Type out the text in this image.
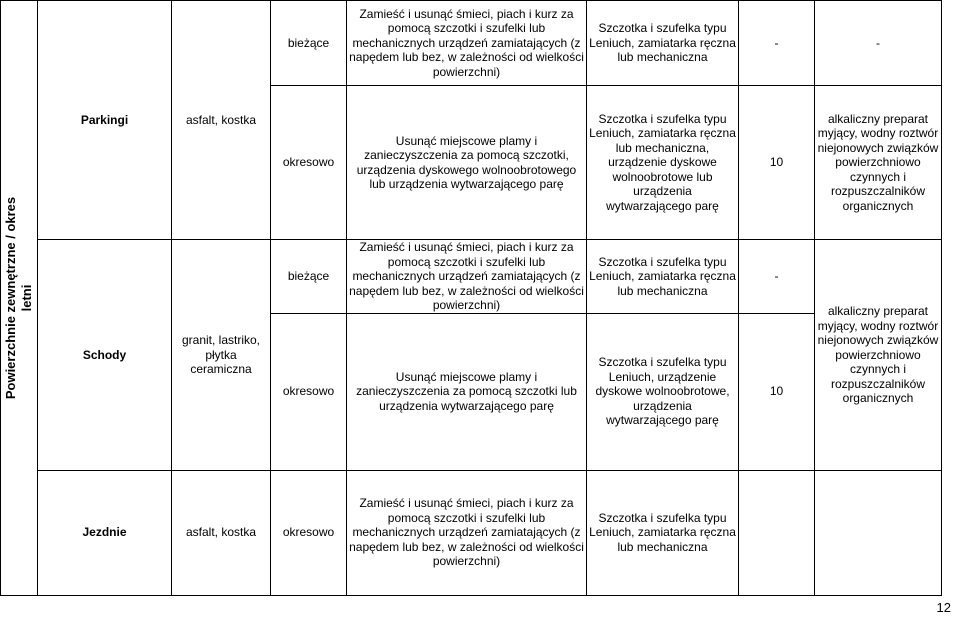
Powierzchnie zewnętrzne / okres letni	Parkingi	asfalt, kostka	bieżące	Zamieść i usunąć śmieci, piach i kurz za pomocą szczotki i szufelki lub mechanicznych urządzeń zamiatających (z napędem lub bez, w zależności od wielkości powierzchni)	Szczotka i szufelka typu Leniuch, zamiatarka ręczna lub mechaniczna	-	-
			okresowo	Usunąć miejscowe plamy i zanieczyszczenia za pomocą szczotki, urządzenia dyskowego wolnoobrotowego lub urządzenia wytwarzającego parę	Szczotka i szufelka typu Leniuch, zamiatarka ręczna lub mechaniczna, urządzenie dyskowe wolnoobrotowe lub urządzenia wytwarzającego parę	10	alkaliczny preparat myjący, wodny roztwór niejonowych związków powierzchniowo czynnych i rozpuszczalników organicznych
	Schody	granit, lastriko, płytka ceramiczna	bieżące	Zamieść i usunąć śmieci, piach i kurz za pomocą szczotki i szufelki lub mechanicznych urządzeń zamiatających (z napędem lub bez, w zależności od wielkości powierzchni)	Szczotka i szufelka typu Leniuch, zamiatarka ręczna lub mechaniczna	-	alkaliczny preparat myjący, wodny roztwór niejonowych związków powierzchniowo czynnych i rozpuszczalników organicznych
			okresowo	Usunąć miejscowe plamy i zanieczyszczenia za pomocą szczotki lub urządzenia wytwarzającego parę	Szczotka i szufelka typu Leniuch, urządzenie dyskowe wolnoobrotowe, urządzenia wytwarzającego parę	10	
	Jezdnie	asfalt, kostka	okresowo	Zamieść i usunąć śmieci, piach i kurz za pomocą szczotki i szufelki lub mechanicznych urządzeń zamiatających (z napędem lub bez, w zależności od wielkości powierzchni)	Szczotka i szufelka typu Leniuch, zamiatarka ręczna lub mechaniczna		
12
